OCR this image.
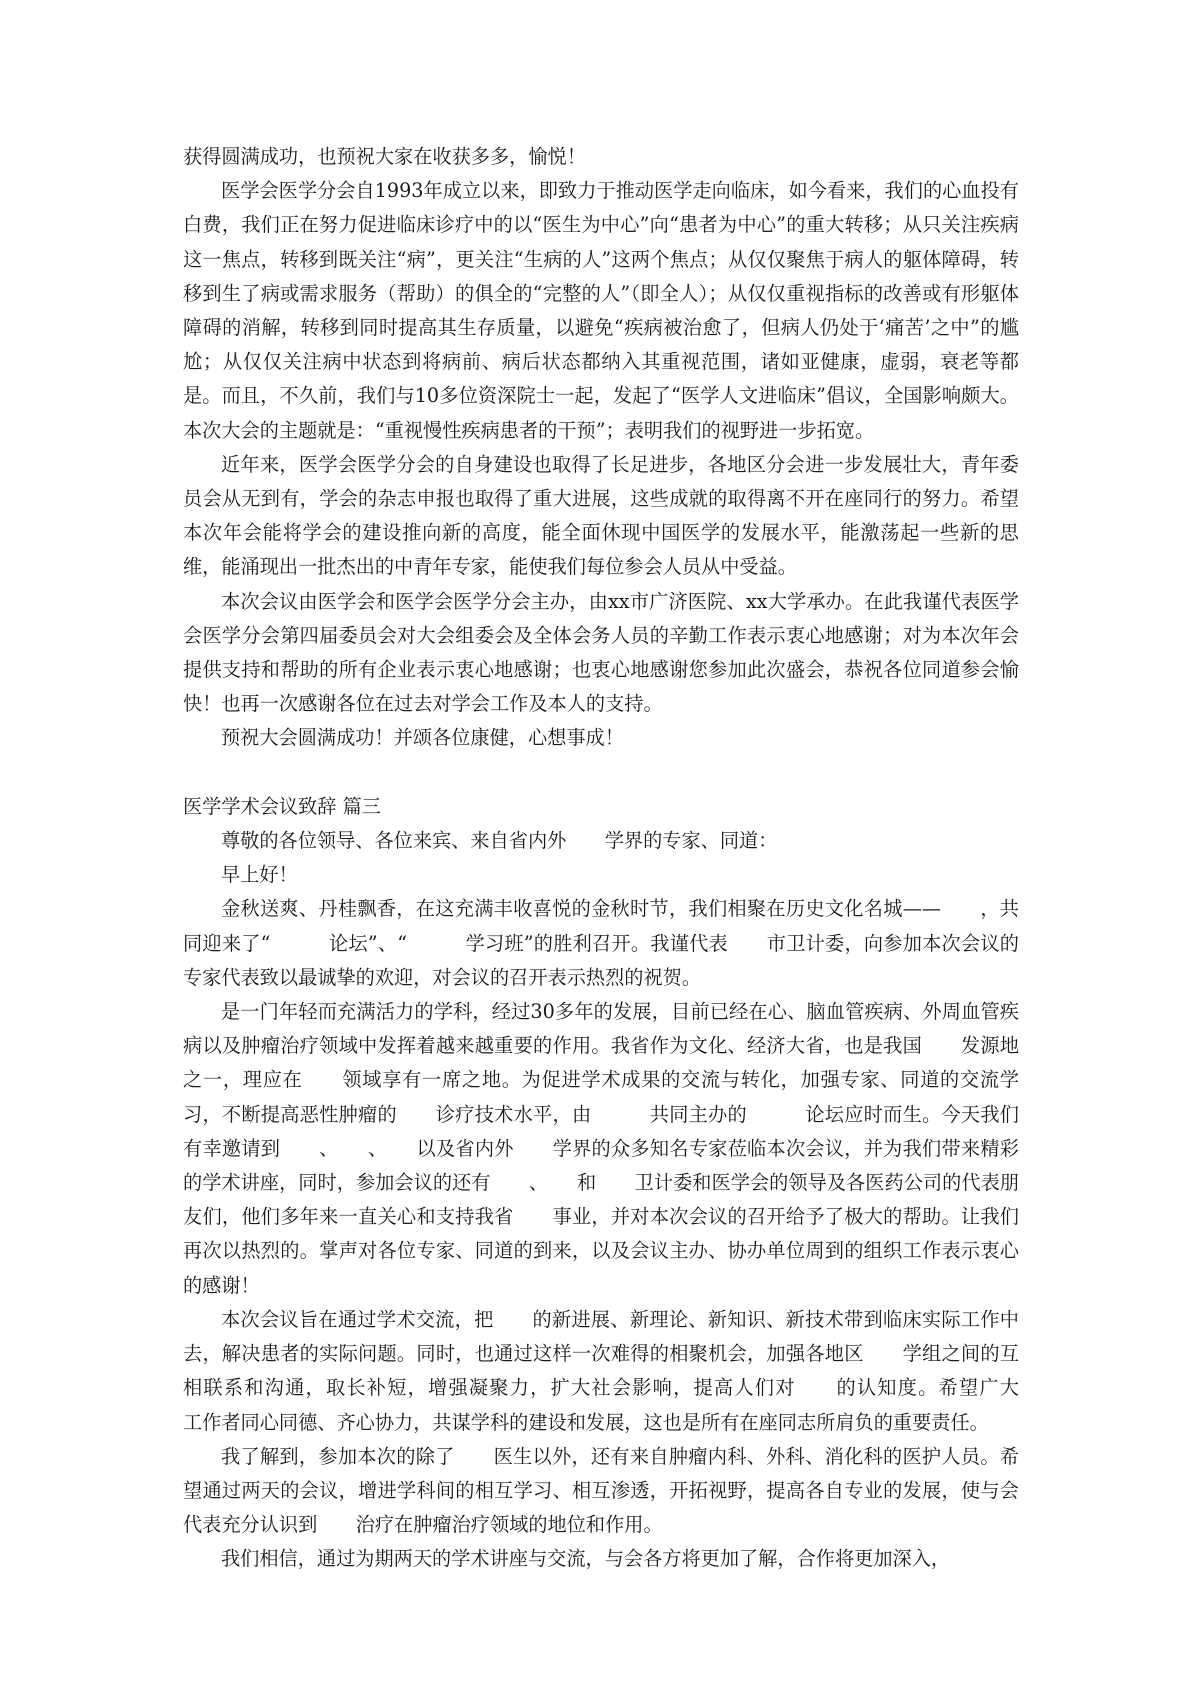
获得圆满成功，也预祝大家在收获多多，愉悦！

医学会医学分会自1993年成立以来，即致力于推动医学走向临床，如今看来，我们的心血投有白费，我们正在努力促进临床诊疗中的以“医生为中心”向“患者为中心”的重大转移；从只关注疾病这一焦点，转移到既关注“病”，更关注“生病的人”这两个焦点；从仅仅聚焦于病人的躯体障碍，转移到生了病或需求服务（帮助）的俱全的“完整的人”（即全人）；从仅仅重视指标的改善或有形躯体障碍的消解，转移到同时提高其生存质量，以避免“疾病被治愈了，但病人仍处于‘痛苦’之中”的尴尬；从仅仅关注病中状态到将病前、病后状态都纳入其重视范围，诸如亚健康，虚弱，衰老等都是。而且，不久前，我们与10多位资深院士一起，发起了“医学人文进临床”倡议，全国影响颇大。本次大会的主题就是：“重视慢性疾病患者的干预”；表明我们的视野进一步拓宽。

近年来，医学会医学分会的自身建设也取得了长足进步，各地区分会进一步发展壮大，青年委员会从无到有，学会的杂志申报也取得了重大进展，这些成就的取得离不开在座同行的努力。希望本次年会能将学会的建设推向新的高度，能全面休现中国医学的发展水平，能激荡起一些新的思维，能涌现出一批杰出的中青年专家，能使我们每位参会人员从中受益。

本次会议由医学会和医学会医学分会主办，由xx市广济医院、xx大学承办。在此我谨代表医学会医学分会第四届委员会对大会组委会及全体会务人员的辛勤工作表示衷心地感谢；对为本次年会提供支持和帮助的所有企业表示衷心地感谢；也衷心地感谢您参加此次盛会，恭祝各位同道参会愉快！也再一次感谢各位在过去对学会工作及本人的支持。

预祝大会圆满成功！并颂各位康健，心想事成！

医学学术会议致辞 篇三

尊敬的各位领导、各位来宾、来自省内外　　学界的专家、同道：

早上好！

金秋送爽、丹桂飘香，在这充满丰收喜悦的金秋时节，我们相聚在历史文化名城——　　，共同迎来了“　　　论坛”、“　　　学习班”的胜利召开。我谨代表　　市卫计委，向参加本次会议的专家代表致以最诚挚的欢迎，对会议的召开表示热烈的祝贺。

是一门年轻而充满活力的学科，经过30多年的发展，目前已经在心、脑血管疾病、外周血管疾病以及肿瘤治疗领域中发挥着越来越重要的作用。我省作为文化、经济大省，也是我国　　发源地之一，理应在　　领域享有一席之地。为促进学术成果的交流与转化，加强专家、同道的交流学习，不断提高恶性肿瘤的　　诊疗技术水平，由　　　共同主办的　　　论坛应时而生。今天我们有幸邀请到　　、　　、　　以及省内外　　学界的众多知名专家莅临本次会议，并为我们带来精彩的学术讲座，同时，参加会议的还有　　、　　和　　卫计委和医学会的领导及各医药公司的代表朋友们，他们多年来一直关心和支持我省　　事业，并对本次会议的召开给予了极大的帮助。让我们再次以热烈的。掌声对各位专家、同道的到来，以及会议主办、协办单位周到的组织工作表示衷心的感谢！

本次会议旨在通过学术交流，把　　的新进展、新理论、新知识、新技术带到临床实际工作中去，解决患者的实际问题。同时，也通过这样一次难得的相聚机会，加强各地区　　学组之间的互相联系和沟通，取长补短，增强凝聚力，扩大社会影响，提高人们对　　的认知度。希望广大　　工作者同心同德、齐心协力，共谋学科的建设和发展，这也是所有在座同志所肩负的重要责任。

我了解到，参加本次的除了　　医生以外，还有来自肿瘤内科、外科、消化科的医护人员。希望通过两天的会议，增进学科间的相互学习、相互渗透，开拓视野，提高各自专业的发展，使与会代表充分认识到　　治疗在肿瘤治疗领域的地位和作用。

我们相信，通过为期两天的学术讲座与交流，与会各方将更加了解，合作将更加深入，
